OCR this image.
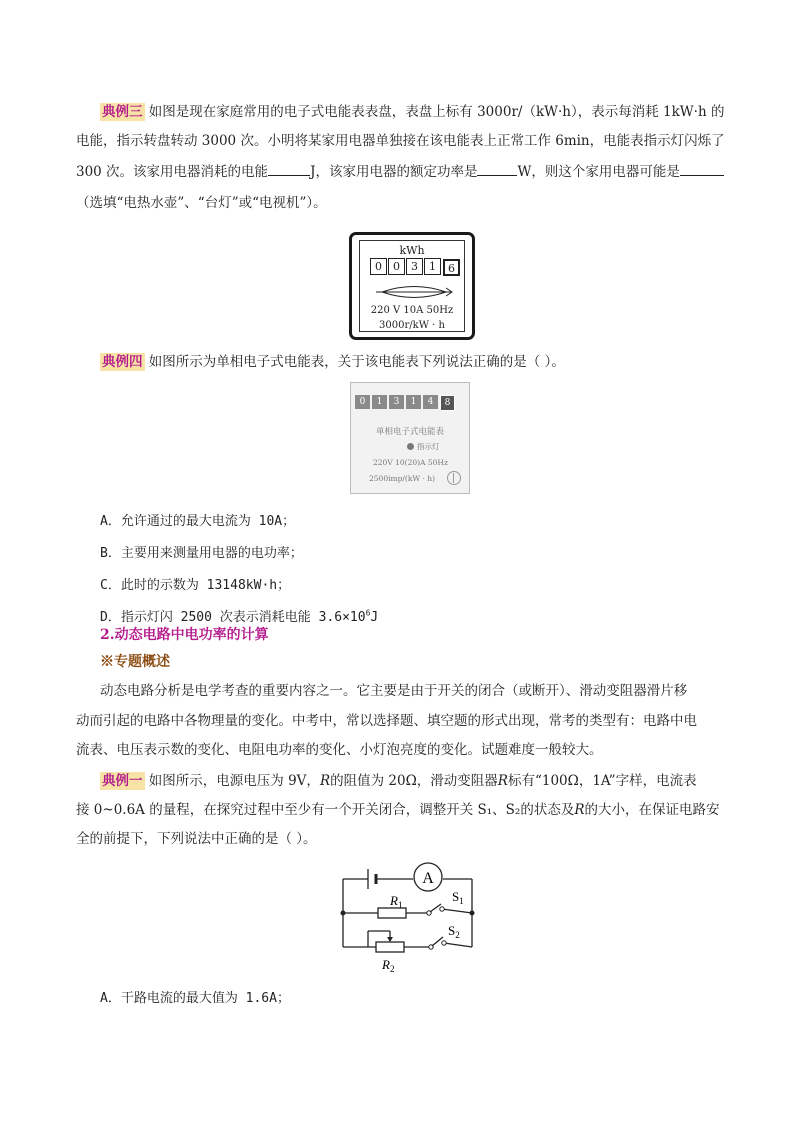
典例三 如图是现在家庭常用的电子式电能表表盘，表盘上标有 3000r/（kW·h），表示每消耗 1kW·h 的
电能，指示转盘转动 3000 次。小明将某家用电器单独接在该电能表上正常工作 6min，电能表指示灯闪烁了
300 次。该家用电器消耗的电能	J，该家用电器的额定功率是	W，则这个家用电器可能是
（选填“电热水壶”、“台灯”或“电视机”）。
kWh
0	0	3	1	6
220 V 10A 50Hz
3000r/kW · h
典例四 如图所示为单相电子式电能表，关于该电能表下列说法正确的是（ ）。
0	1	3	1	4	8
单相电子式电能表
指示灯
220V 10(20)A 50Hz
2500imp/(kW · h)
A．允许通过的最大电流为 10A；
B．主要用来测量用电器的电功率；
C．此时的示数为 13148kW·h；
D．指示灯闪 2500 次表示消耗电能 $3.6\times 10^6J$
2.动态电路中电功率的计算
※专题概述
动态电路分析是电学考查的重要内容之一。它主要是由于开关的闭合（或断开）、滑动变阻器滑片移
动而引起的电路中各物理量的变化。中考中，常以选择题、填空题的形式出现，常考的类型有：电路中电
流表、电压表示数的变化、电阻电功率的变化、小灯泡亮度的变化。试题难度一般较大。
典例一 如图所示，电源电压为 9V，R的阻值为 20Ω，滑动变阻器R标有“100Ω，1A”字样，电流表
接 0~0.6A 的量程，在探究过程中至少有一个开关闭合，调整开关 S₁、S₂的状态及R的大小，在保证电路安
全的前提下，下列说法中正确的是（ ）。
A
$R_1$
$S_1$
$R_2$
$S_2$
A．干路电流的最大值为 1.6A；
